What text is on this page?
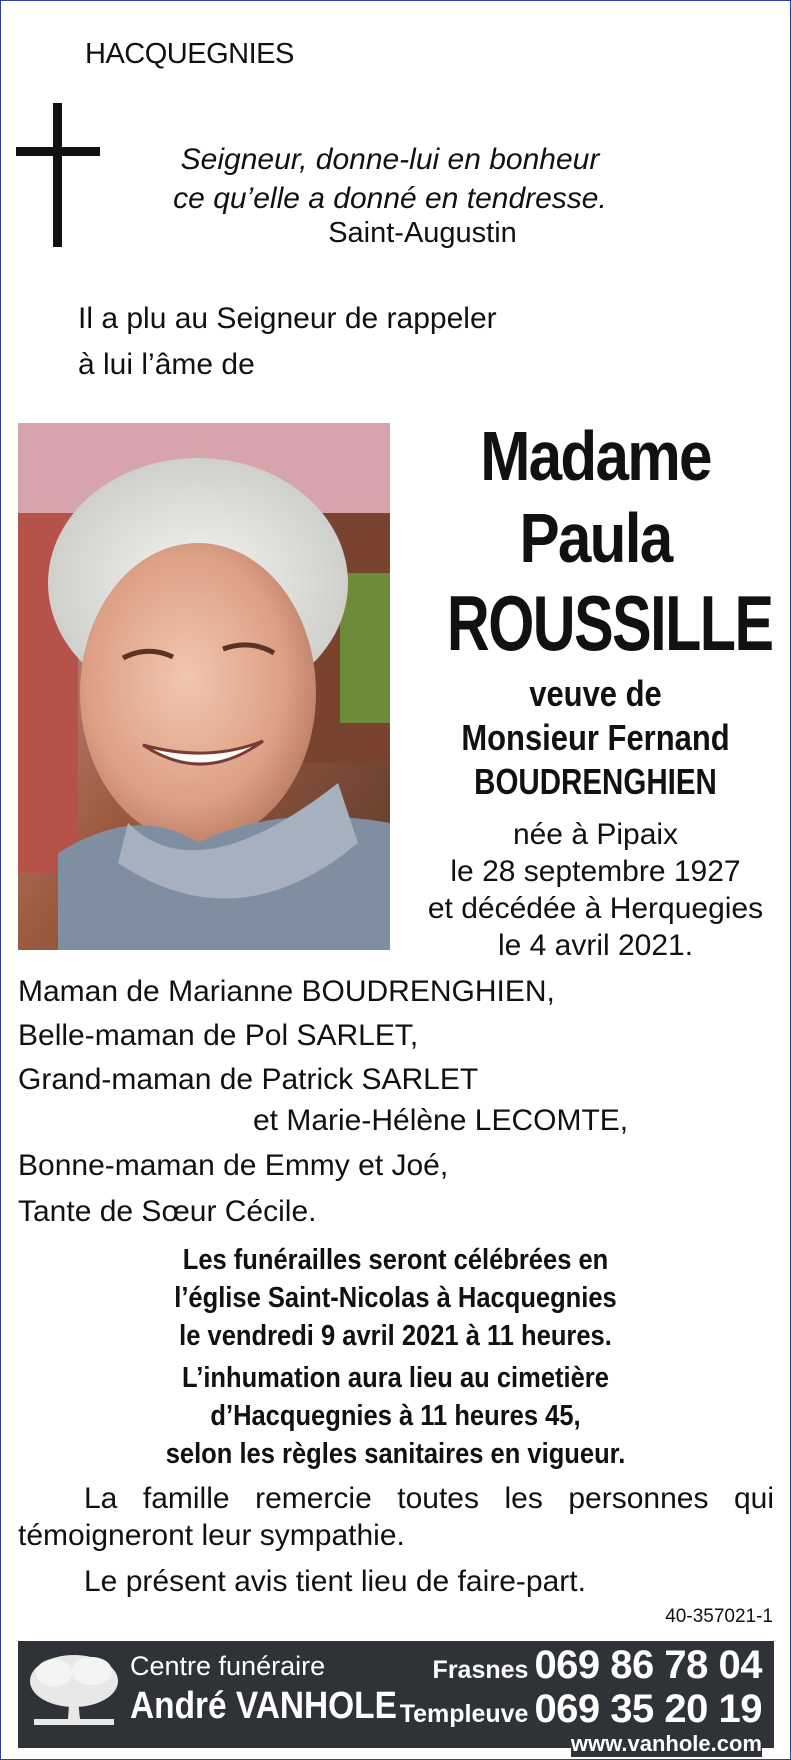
HACQUEGNIES
Seigneur, donne-lui en bonheur
ce qu’elle a donné en tendresse.
Saint-Augustin
Il a plu au Seigneur de rappeler
à lui l’âme de
Madame
Paula
ROUSSILLE
veuve de
Monsieur Fernand
BOUDRENGHIEN
née à Pipaix
le 28 septembre 1927
et décédée à Herquegies
le 4 avril 2021.
Maman de Marianne BOUDRENGHIEN,
Belle-maman de Pol SARLET,
Grand-maman de Patrick SARLET
et Marie-Hélène LECOMTE,
Bonne-maman de Emmy et Joé,
Tante de Sœur Cécile.
Les funérailles seront célébrées en
l’église Saint-Nicolas à Hacquegnies
le vendredi 9 avril 2021 à 11 heures.
L’inhumation aura lieu au cimetière
d’Hacquegnies à 11 heures 45,
selon les règles sanitaires en vigueur.
La famille remercie toutes les personnes qui témoigneront leur sympathie.
Le présent avis tient lieu de faire-part.
40-357021-1
Centre funéraire
André VANHOLE
Frasnes 069 86 78 04
Templeuve 069 35 20 19
www.vanhole.com
